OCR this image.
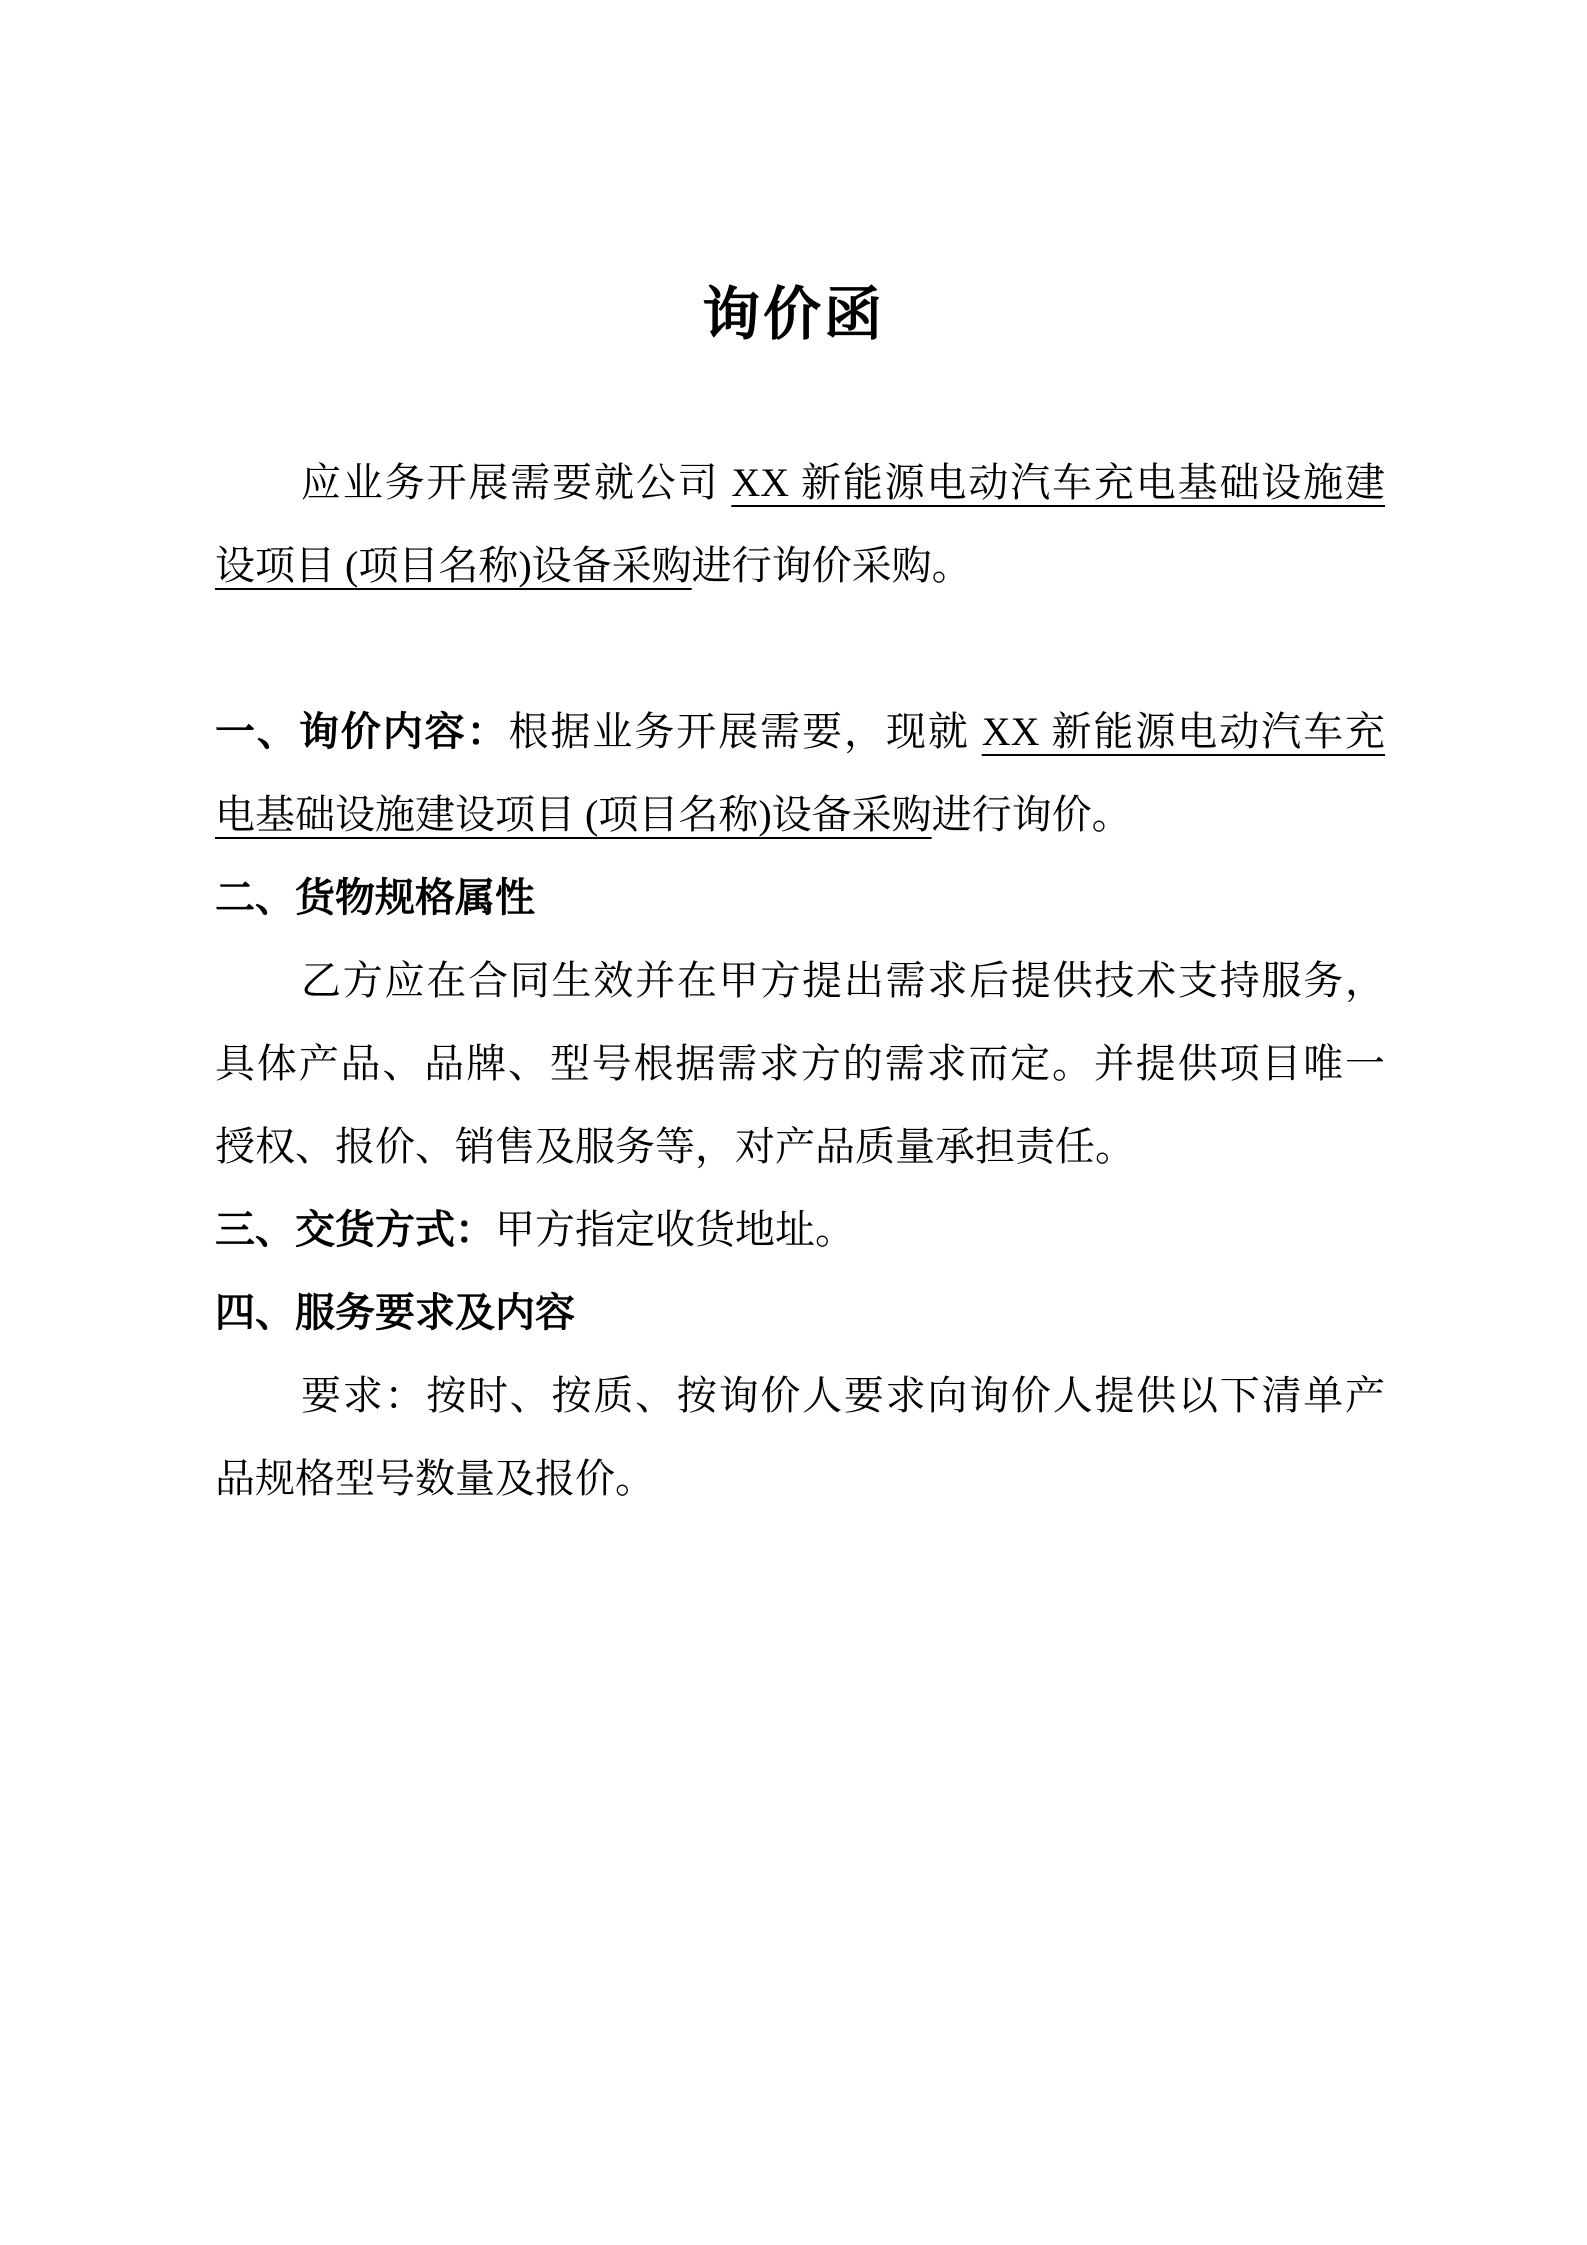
询价函
应业务开展需要就公司 XX 新能源电动汽车充电基础设施建
设项目 (项目名称)设备采购进行询价采购。
一、询价内容：根据业务开展需要，现就 XX 新能源电动汽车充
电基础设施建设项目 (项目名称)设备采购进行询价。
二、货物规格属性
乙方应在合同生效并在甲方提出需求后提供技术支持服务，
具体产品、品牌、型号根据需求方的需求而定。并提供项目唯一
授权、报价、销售及服务等，对产品质量承担责任。
三、交货方式：甲方指定收货地址。
四、服务要求及内容
要求：按时、按质、按询价人要求向询价人提供以下清单产
品规格型号数量及报价。
